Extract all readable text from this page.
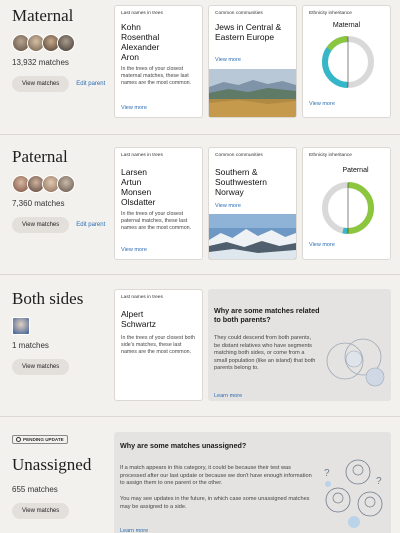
Maternal
13,932 matches
View matches	Edit parent
Last names in trees
Kohn
Rosenthal
Alexander
Aron
In the trees of your closest maternal matches, these last names are the most common.
View more
Common communities
Jews in Central & Eastern Europe
View more
Ethnicity inheritance
Maternal
View more
Paternal
7,360 matches
View matches	Edit parent
Last names in trees
Larsen
Artun
Monsen
Olsdatter
In the trees of your closest paternal matches, these last names are the most common.
View more
Common communities
Southern & Southwestern Norway
View more
Ethnicity inheritance
Paternal
View more
Both sides
1 matches
View matches
Last names in trees
Alpert
Schwartz
In the trees of your closest both side's matches, these last names are the most common.
Why are some matches related to both parents?
They could descend from both parents, be distant relatives who have segments matching both sides, or come from a small population (like an island) that both parents belong to.
Learn more
PENDING UPDATE
Unassigned
655 matches
View matches
Why are some matches unassigned?
If a match appears in this category, it could be because their test was processed after our last update or because we don't have enough information to assign them to one parent or the other.
You may see updates in the future, in which case some unassigned matches may be assigned to a side.
Learn more
?
?
